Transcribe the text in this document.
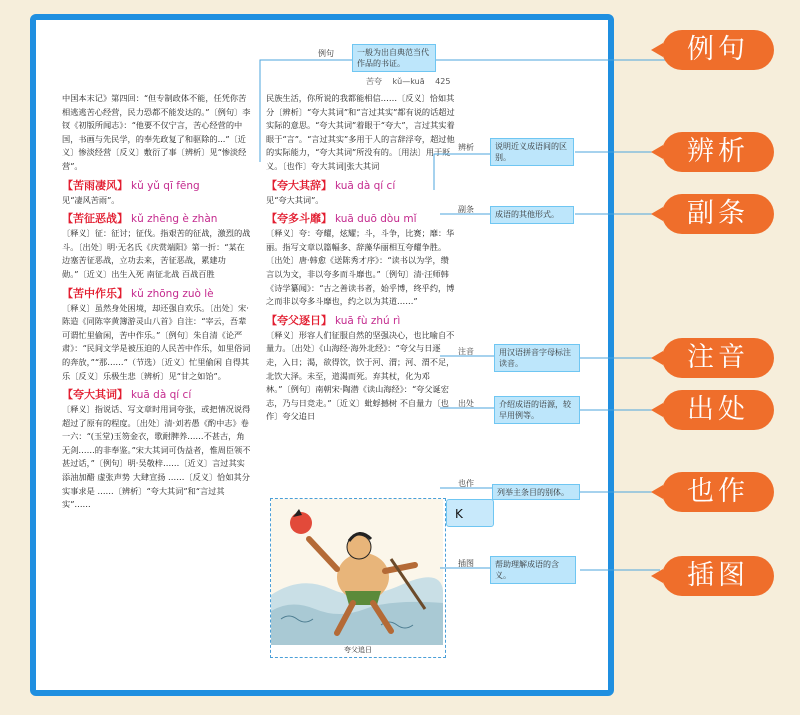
中国本末记》第四回：“但专制政体不能，任凭你苦相逃逃苦心经营，民力恐都不能发达的。”〔例句〕李钗《初版所闻志》：“他要不仅宁言，苦心经营的中国，书画与先民学，的奉先政复了和驱除的...”〔近义〕惨淡经营〔反义〕敷衍了事〔辨析〕见“惨淡经营”。

【苦雨凄风】 kǔ yǔ qī fēng

见“凄风苦雨”。

【苦征恶战】 kǔ zhēng è zhàn

〔释义〕征：征讨；征伐。指艰苦的征战，激烈的战斗。〔出处〕明·无名氏《庆赏端阳》第一折：“某在边塞苦征恶战，立功去来，苦征恶战，累建功勋。”〔近义〕出生入死 南征北战 百战百胜

【苦中作乐】 kǔ zhōng zuò lè

〔释义〕虽然身处困境，却还强自欢乐。〔出处〕宋·陈造《同陈宰黄簿游灵山八首》自注：“宰云，吾辈可谓忙里偷闲，苦中作乐。”〔例句〕朱自清《论严肃》：“民间文学是被压迫的人民苦中作乐，如里俗词的奔放，”“那……”（节选）〔近义〕忙里偷闲 自得其乐〔反义〕乐极生悲〔辨析〕见“甘之如饴”。

【夸大其词】 kuā dà qí cí

〔释义〕指说话、写文章时用词夸张，或把情况说得超过了原有的程度。〔出处〕清·刘若愚《酌中志》卷一六：“(玉堂)玉笏金衣，歌耐脾养……不甚古，角无剑……的非奉鉴。”宋大其词可伪益者，惟周臣领不甚过话，”〔例句〕明·吴敬梓……〔近义〕言过其实 添油加醋 虚张声势 大肆宣扬 ……〔反义〕恰如其分 实事求是 ……〔辨析〕“夸大其词”和“言过其实”……

民族生活，你所说的我都能相信……〔反义〕恰如其分〔辨析〕“夸大其词”和“言过其实”都有说的话超过实际的意思。“夸大其词”着眼于“夸大”，言过其实着眼于“言”。“言过其实”多用于人的言辞浮夸，超过他的实际能力，“夸大其词”所没有的。〔用法〕用于贬义。〔也作〕夸大其词|张大其词

【夸大其辞】 kuā dà qí cí

见“夸大其词”。

【夸多斗靡】 kuā duō dòu mǐ

〔释义〕夸：夸耀，炫耀；斗，斗争，比赛；靡：华丽。指写文章以篇幅多、辞藻华丽相互夸耀争胜。〔出处〕唐·韩愈《送陈秀才序》：“读书以为学，缵言以为文，非以夸多而斗靡也。”〔例句〕清·汪师韩《诗学纂闻》：“古之善读书者，始乎博，终乎约，博之而非以夸多斗靡也，约之以为其道……”

【夸父逐日】 kuā fù zhú rì

〔释义〕形容人们征服自然的坚强决心，也比喻自不量力。〔出处〕《山海经·海外北经》：“夸父与日逐走，入日；渴，欲得饮，饮于河、渭；河、渭不足，北饮大泽。未至，道渴而死。弃其杖，化为邓林。”〔例句〕南朝宋·陶潜《读山海经》：“夸父诞宏志，乃与日竞走。”〔近义〕蚍蜉撼树 不自量力〔也作〕夸父追日

苦夸 kǔ—kuā 425
夸父追日
例句	一般为出自典范当代作品的书证。
辨析	说明近义成语间的区别。
副条
成语的其他形式。
注音	用汉语拼音字母标注读音。
出处	介绍成语的语源，较早用例等。
也作
列举主条目的别体。
K
插图	帮助理解成语的含义。
例句
辨析
副条
注音
出处
也作
插图
